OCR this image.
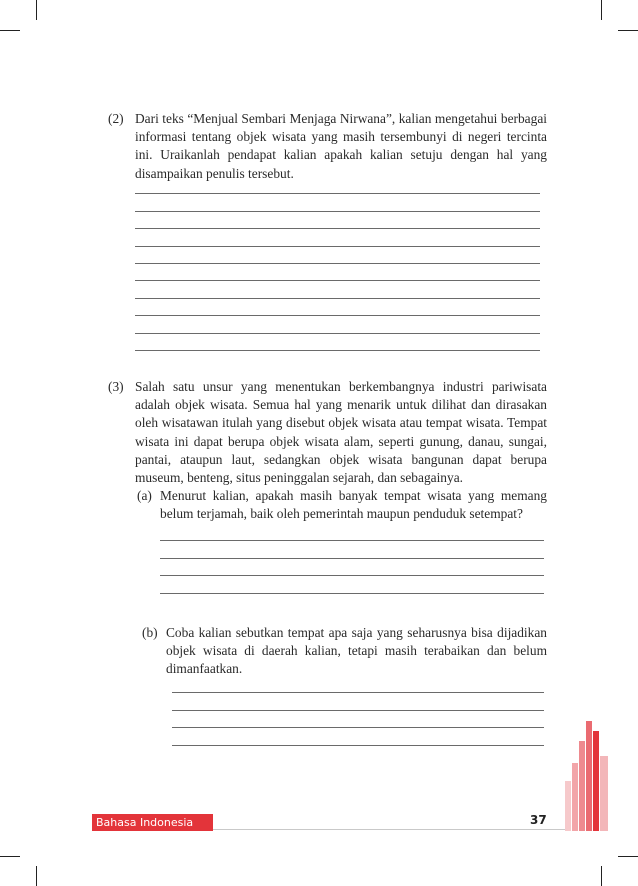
(2) Dari teks “Menjual Sembari Menjaga Nirwana”, kalian mengetahui berbagai informasi tentang objek wisata yang masih tersembunyi di negeri tercinta ini. Uraikanlah pendapat kalian apakah kalian setuju dengan hal yang disampaikan penulis tersebut.
(3) Salah satu unsur yang menentukan berkembangnya industri pariwisata adalah objek wisata. Semua hal yang menarik untuk dilihat dan dirasakan oleh wisatawan itulah yang disebut objek wisata atau tempat wisata. Tempat wisata ini dapat berupa objek wisata alam, seperti gunung, danau, sungai, pantai, ataupun laut, sedangkan objek wisata bangunan dapat berupa museum, benteng, situs peninggalan sejarah, dan sebagainya.
(a) Menurut kalian, apakah masih banyak tempat wisata yang memang belum terjamah, baik oleh pemerintah maupun penduduk setempat?
(b) Coba kalian sebutkan tempat apa saja yang seharusnya bisa dijadikan objek wisata di daerah kalian, tetapi masih terabaikan dan belum dimanfaatkan.
Bahasa Indonesia	37
